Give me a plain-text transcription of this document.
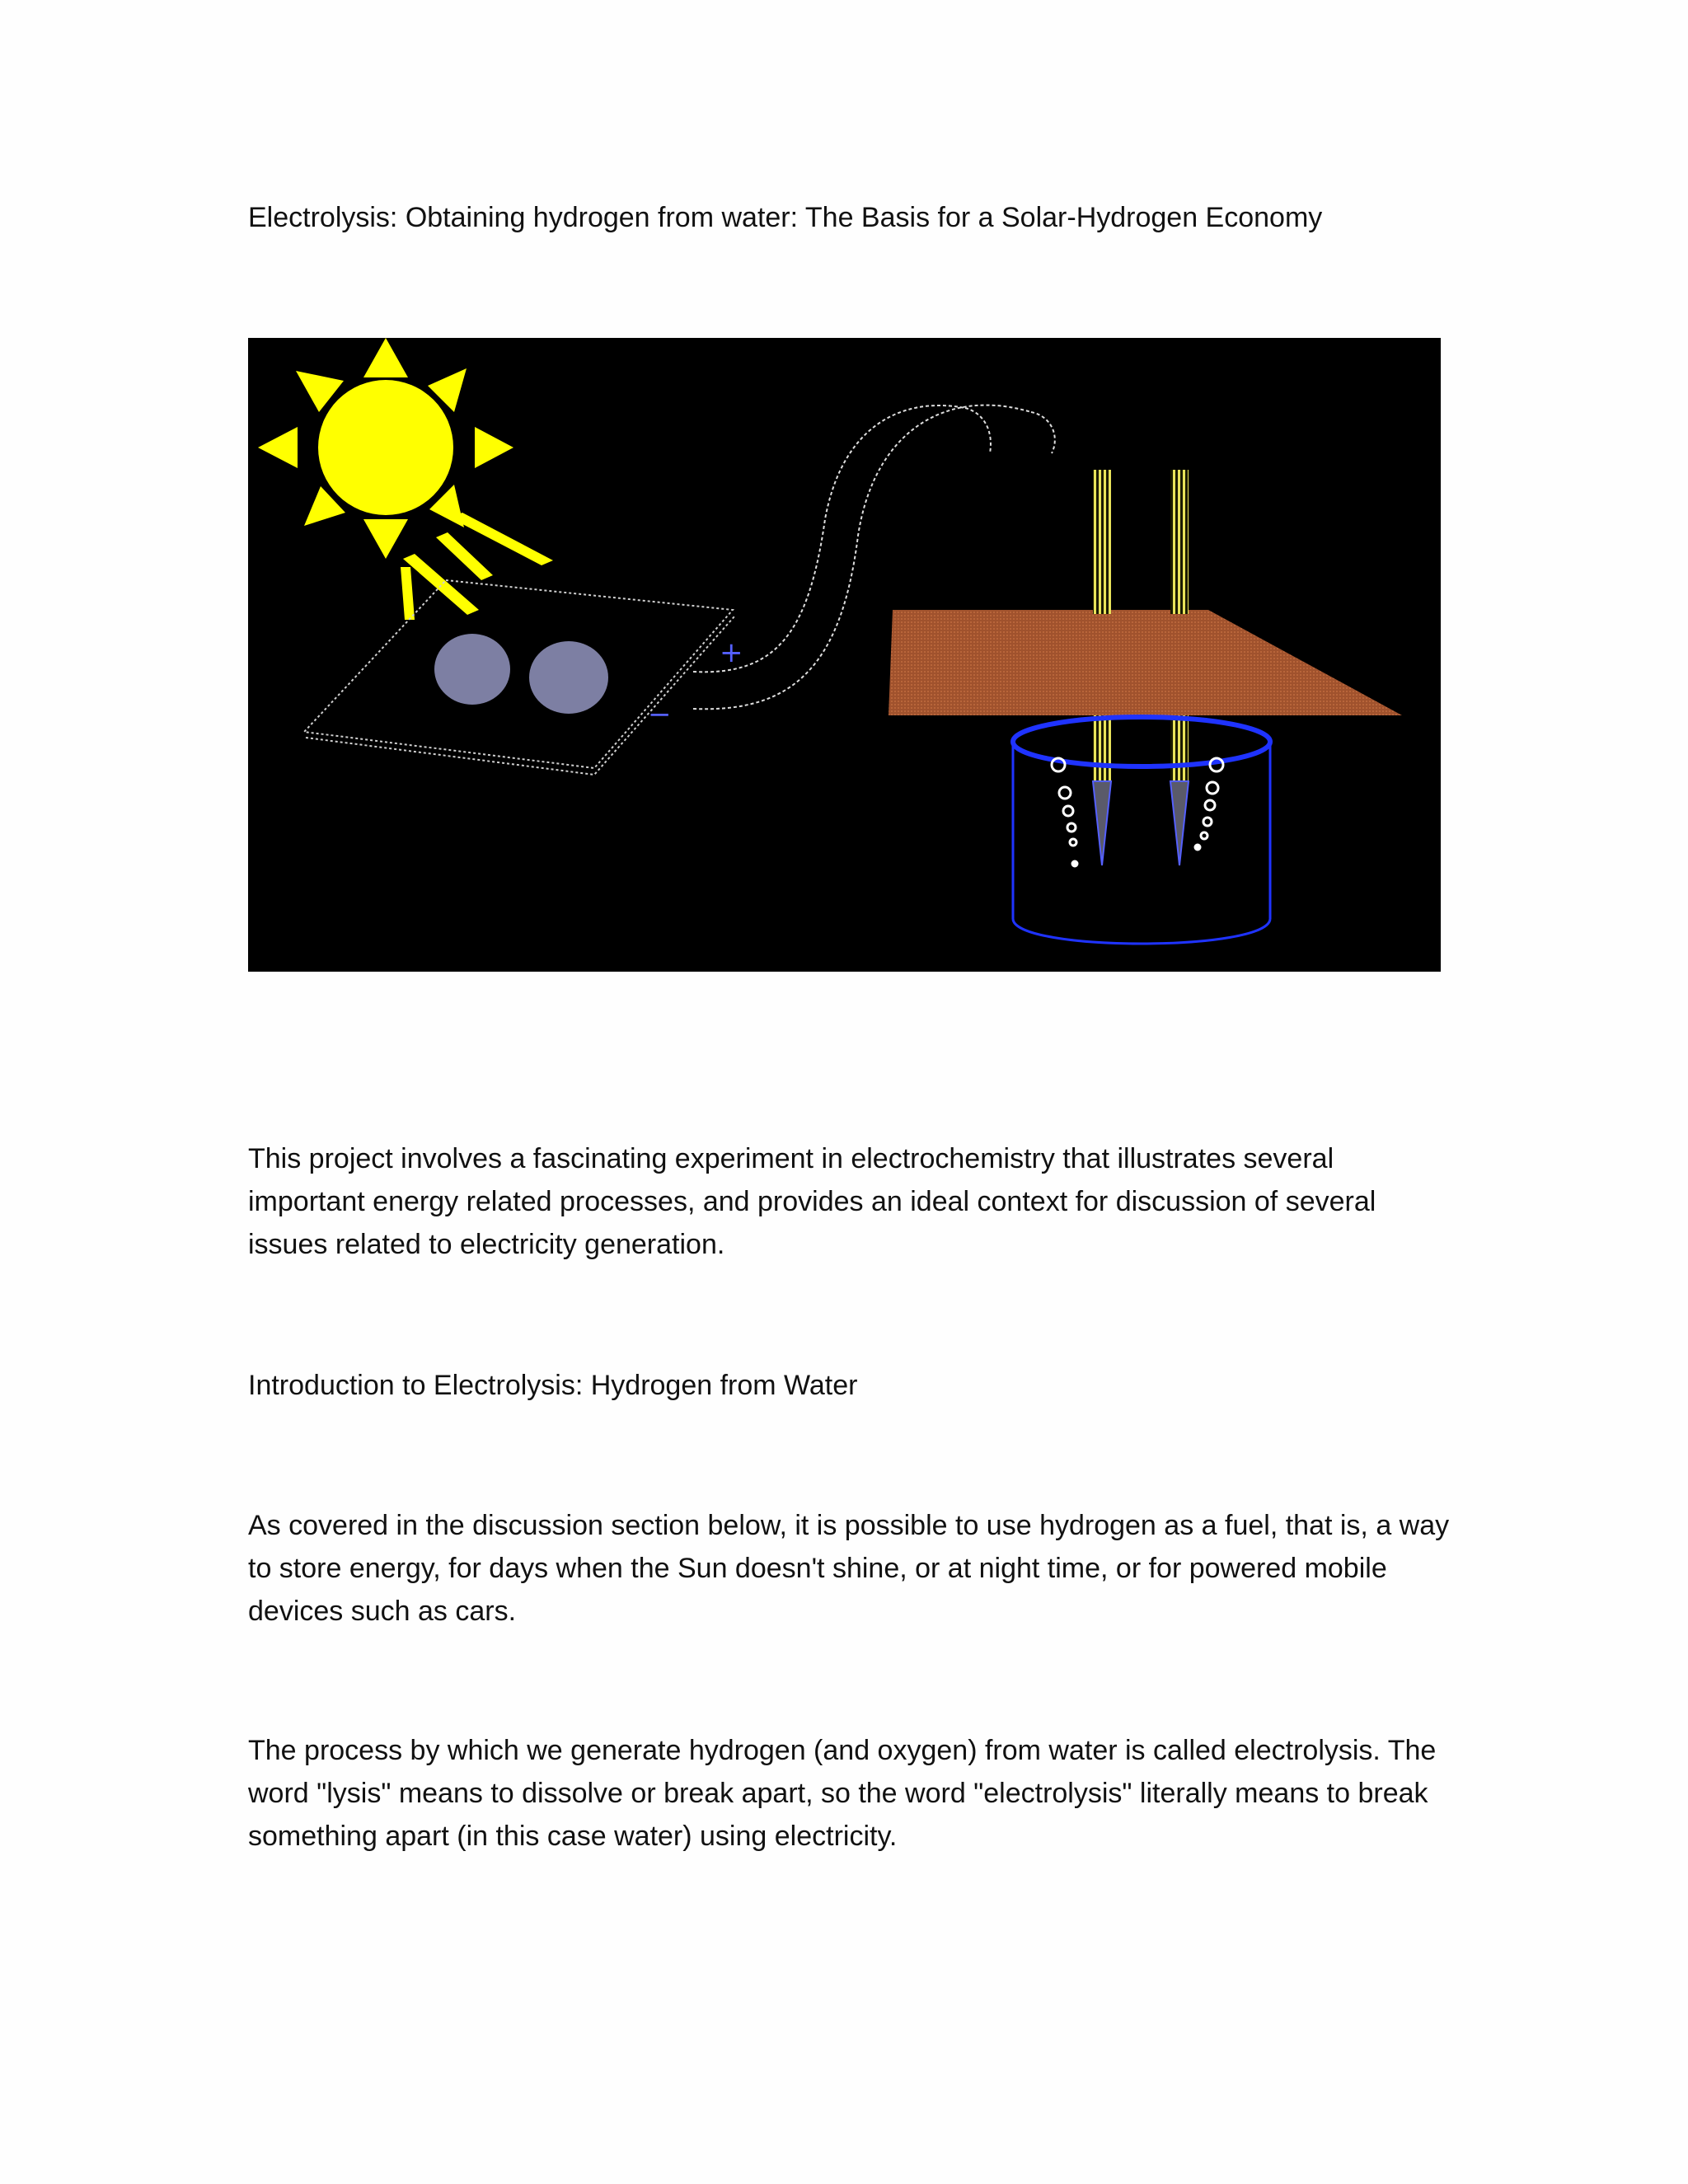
Electrolysis: Obtaining hydrogen from water: The Basis for a Solar-Hydrogen Economy

+
−

This project involves a fascinating experiment in electrochemistry that illustrates several important energy related processes, and provides an ideal context for discussion of several issues related to electricity generation.

Introduction to Electrolysis: Hydrogen from Water

As covered in the discussion section below, it is possible to use hydrogen as a fuel, that is, a way to store energy, for days when the Sun doesn't shine, or at night time, or for powered mobile devices such as cars.

The process by which we generate hydrogen (and oxygen) from water is called electrolysis. The word "lysis" means to dissolve or break apart, so the word "electrolysis" literally means to break something apart (in this case water) using electricity.
